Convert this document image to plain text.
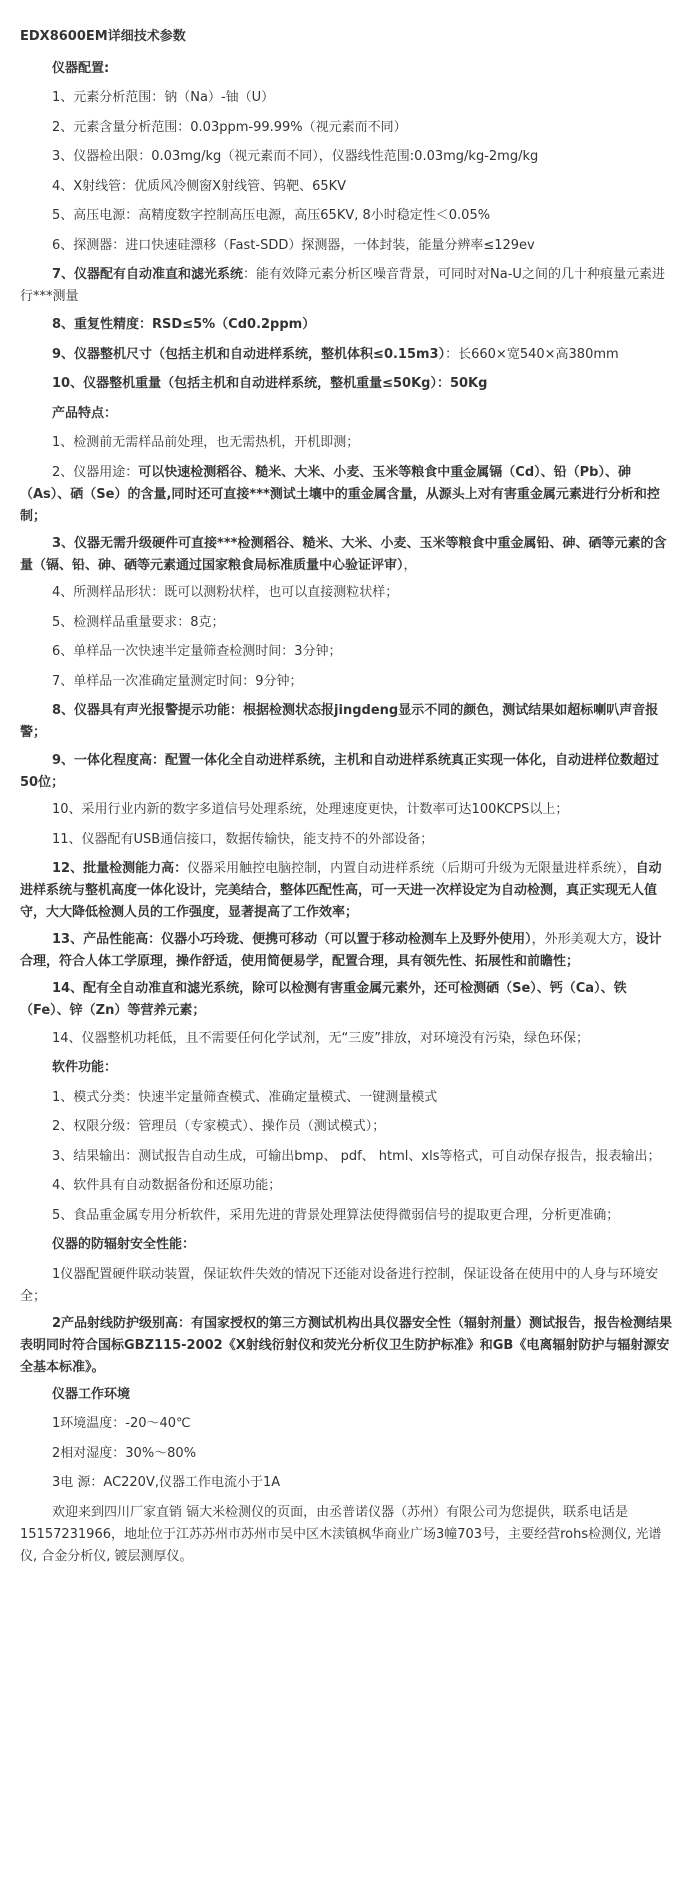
EDX8600EM详细技术参数

仪器配置:

1、元素分析范围：钠（Na）-铀（U）

2、元素含量分析范围：0.03ppm-99.99%（视元素而不同）

3、仪器检出限：0.03mg/kg（视元素而不同），仪器线性范围:0.03mg/kg-2mg/kg

4、X射线管：优质风冷侧窗X射线管、钨靶、65KV

5、高压电源：高精度数字控制高压电源，高压65KV, 8小时稳定性＜0.05%

6、探测器：进口快速硅漂移（Fast-SDD）探测器，一体封装，能量分辨率≤129ev

7、仪器配有自动准直和滤光系统：能有效降元素分析区噪音背景，可同时对Na-U之间的几十种痕量元素进行***测量

8、重复性精度：RSD≤5%（Cd0.2ppm）

9、仪器整机尺寸（包括主机和自动进样系统，整机体积≤0.15m3）：长660×宽540×高380mm

10、仪器整机重量（包括主机和自动进样系统，整机重量≤50Kg）：50Kg

产品特点：

1、检测前无需样品前处理，也无需热机，开机即测；

2、仪器用途：可以快速检测稻谷、糙米、大米、小麦、玉米等粮食中重金属镉（Cd）、铅（Pb）、砷（As）、硒（Se）的含量,同时还可直接***测试土壤中的重金属含量，从源头上对有害重金属元素进行分析和控制；

3、仪器无需升级硬件可直接***检测稻谷、糙米、大米、小麦、玉米等粮食中重金属铅、砷、硒等元素的含量（镉、铅、砷、硒等元素通过国家粮食局标准质量中心验证评审），

4、所测样品形状：既可以测粉状样，也可以直接测粒状样；

5、检测样品重量要求：8克；

6、单样品一次快速半定量筛查检测时间：3分钟；

7、单样品一次准确定量测定时间：9分钟；

8、仪器具有声光报警提示功能：根据检测状态报jingdeng显示不同的颜色，测试结果如超标喇叭声音报警；

9、一体化程度高：配置一体化全自动进样系统，主机和自动进样系统真正实现一体化，自动进样位数超过50位；

10、采用行业内新的数字多道信号处理系统，处理速度更快，计数率可达100KCPS以上；

11、仪器配有USB通信接口，数据传输快，能支持不的外部设备；

12、批量检测能力高：仪器采用触控电脑控制，内置自动进样系统（后期可升级为无限量进样系统），自动进样系统与整机高度一体化设计，完美结合，整体匹配性高，可一天进一次样设定为自动检测，真正实现无人值守，大大降低检测人员的工作强度，显著提高了工作效率；

13、产品性能高：仪器小巧玲珑、便携可移动（可以置于移动检测车上及野外使用），外形美观大方，设计合理，符合人体工学原理，操作舒适，使用简便易学，配置合理，具有领先性、拓展性和前瞻性；

14、配有全自动准直和滤光系统，除可以检测有害重金属元素外，还可检测硒（Se）、钙（Ca）、铁（Fe）、锌（Zn）等营养元素；

14、仪器整机功耗低，且不需要任何化学试剂，无“三废”排放，对环境没有污染，绿色环保；

软件功能：

1、模式分类：快速半定量筛查模式、准确定量模式、一键测量模式

2、权限分级：管理员（专家模式）、操作员（测试模式）；

3、结果输出：测试报告自动生成，可输出bmp、 pdf、 html、xls等格式，可自动保存报告，报表输出；

4、软件具有自动数据备份和还原功能；

5、食品重金属专用分析软件，采用先进的背景处理算法使得微弱信号的提取更合理，分析更准确；

仪器的防辐射安全性能：

1仪器配置硬件联动装置，保证软件失效的情况下还能对设备进行控制，保证设备在使用中的人身与环境安全；

2产品射线防护级别高：有国家授权的第三方测试机构出具仪器安全性（辐射剂量）测试报告，报告检测结果表明同时符合国标GBZ115-2002《X射线衍射仪和荧光分析仪卫生防护标准》和GB《电离辐射防护与辐射源安全基本标准》。

仪器工作环境

1环境温度：-20～40℃

2相对湿度：30%～80%

3电 源：AC220V,仪器工作电流小于1A

欢迎来到四川厂家直销 镉大米检测仪的页面，由丞普诺仪器（苏州）有限公司为您提供，联系电话是15157231966，地址位于江苏苏州市苏州市吴中区木渎镇枫华商业广场3幢703号，主要经营rohs检测仪, 光谱仪, 合金分析仪, 镀层测厚仪。
